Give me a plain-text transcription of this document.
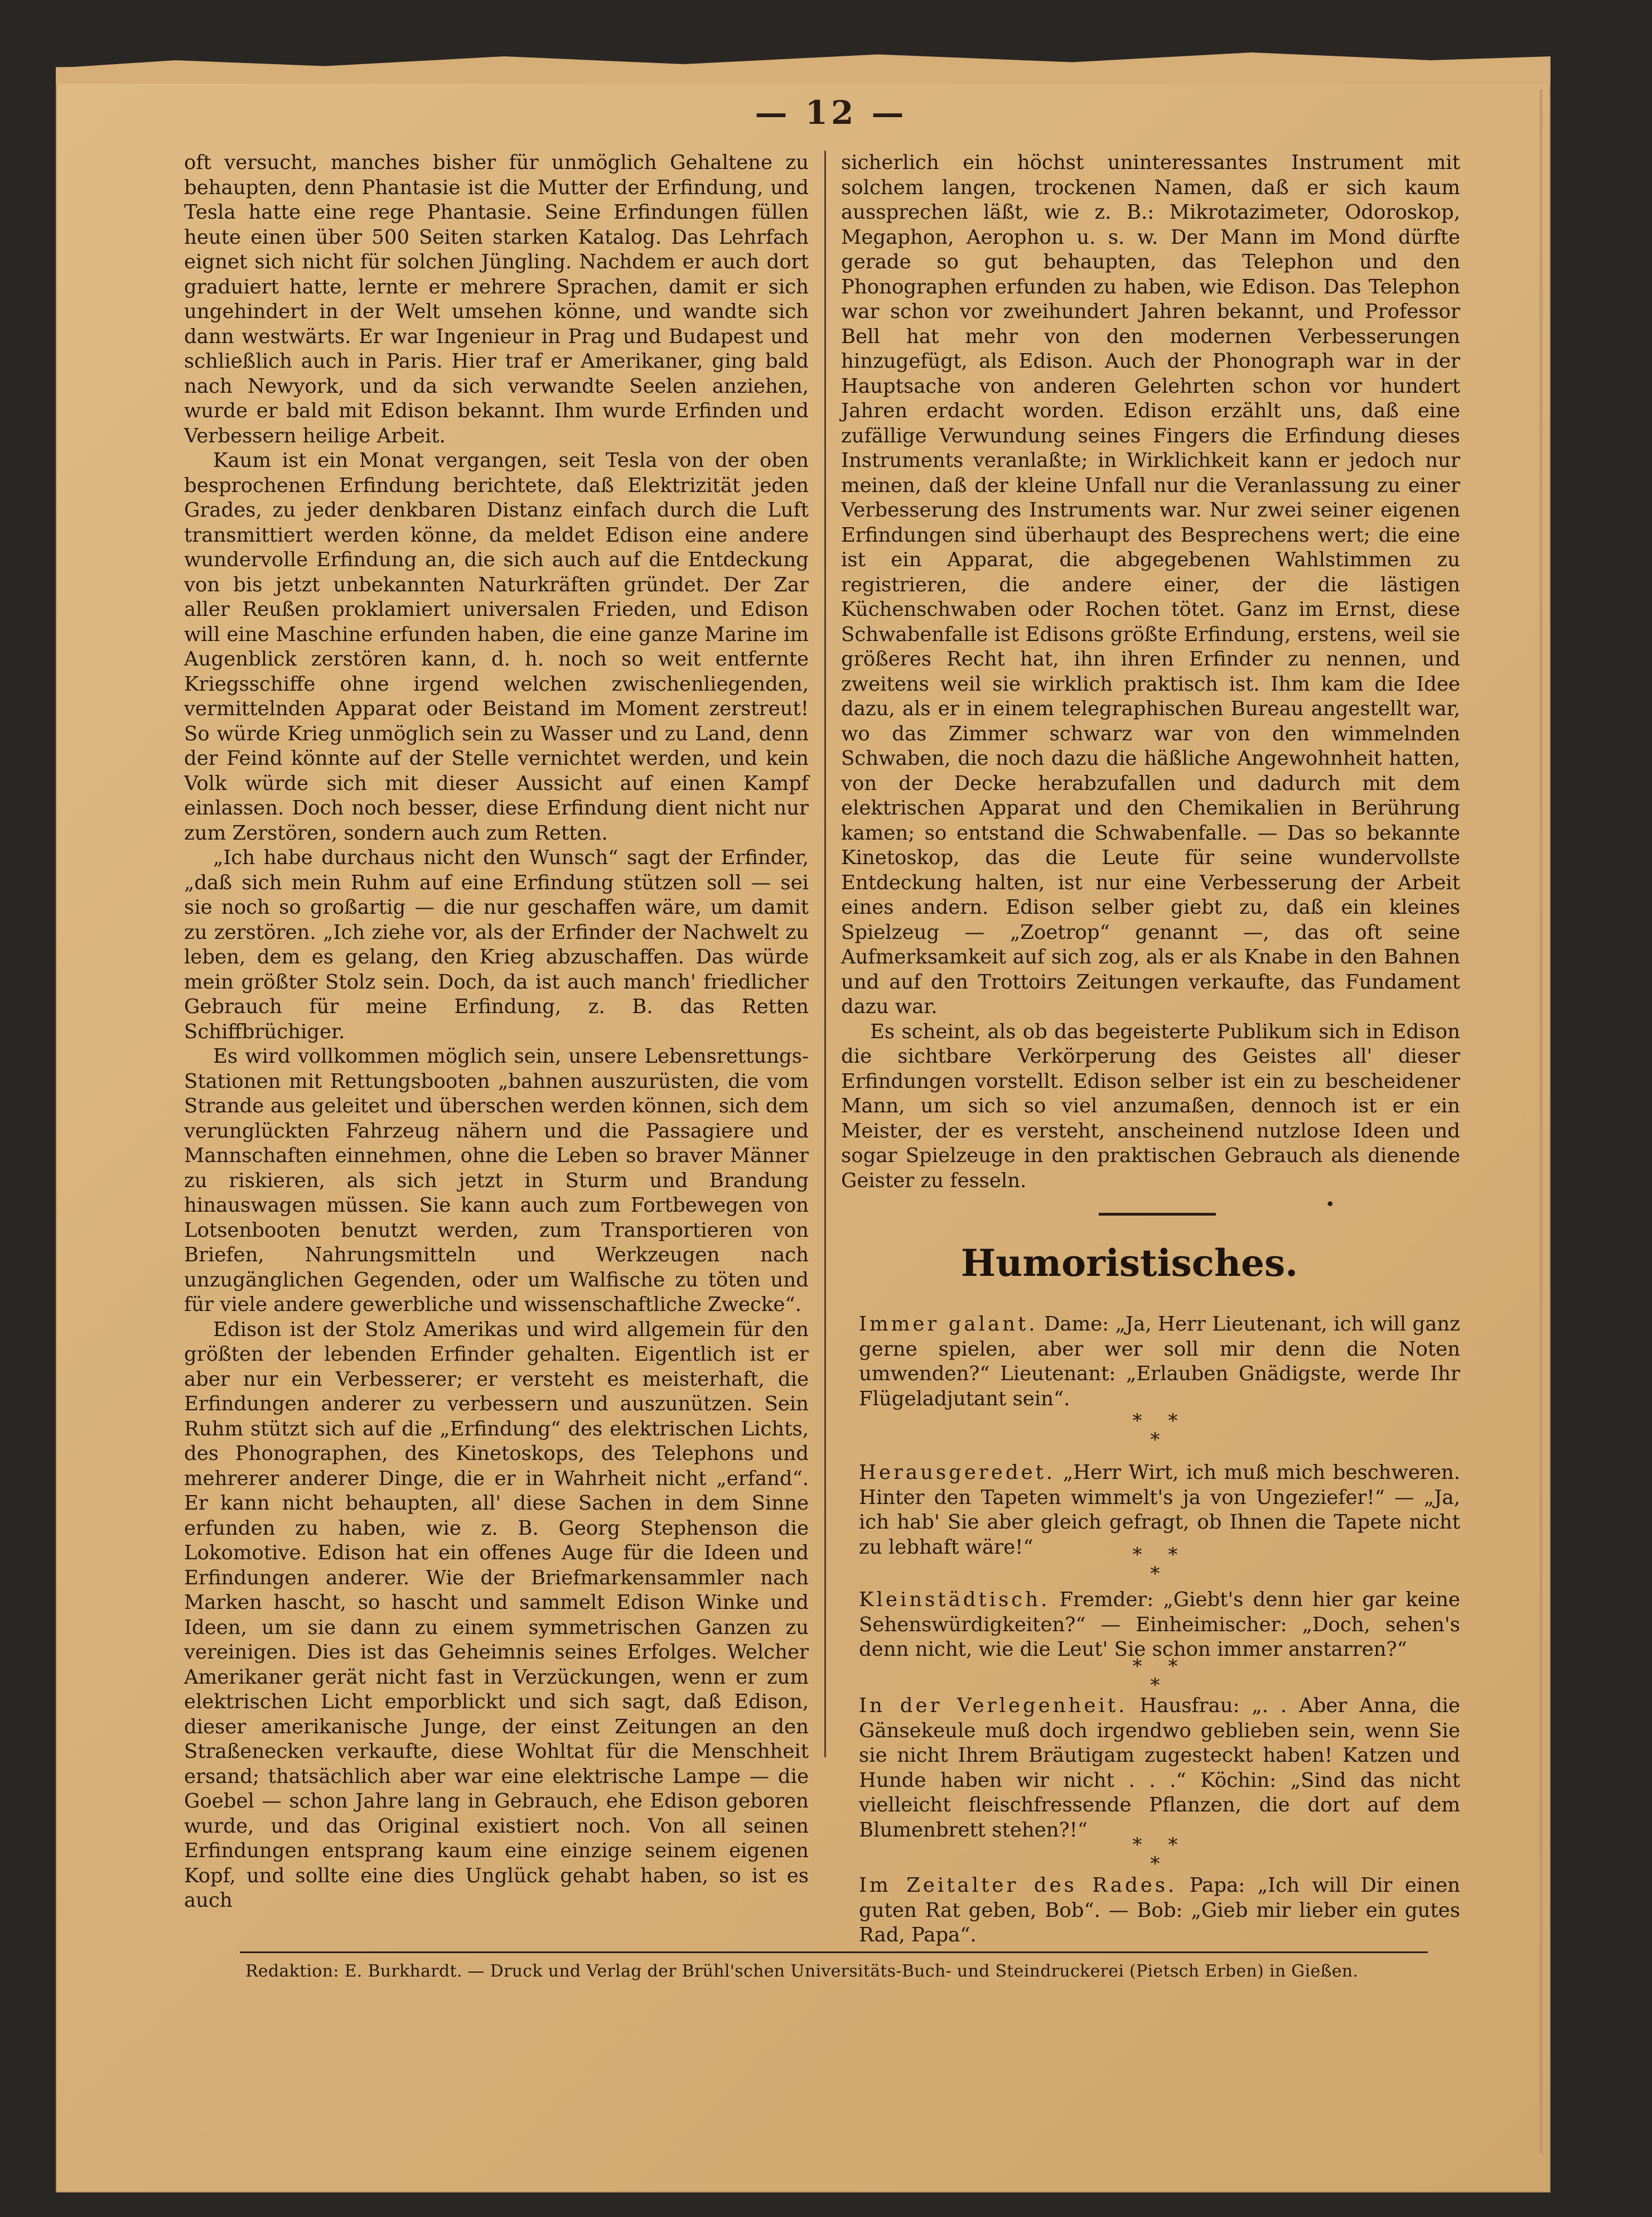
— 12 —

oft versucht, manches bisher für unmöglich Gehaltene zu behaupten, denn Phantasie ist die Mutter der Erfindung, und Tesla hatte eine rege Phantasie. Seine Erfindungen füllen heute einen über 500 Seiten starken Katalog. Das Lehrfach eignet sich nicht für solchen Jüngling. Nachdem er auch dort graduiert hatte, lernte er mehrere Sprachen, damit er sich ungehindert in der Welt umsehen könne, und wandte sich dann westwärts. Er war Ingenieur in Prag und Budapest und schließlich auch in Paris. Hier traf er Amerikaner, ging bald nach Newyork, und da sich verwandte Seelen anziehen, wurde er bald mit Edison bekannt. Ihm wurde Erfinden und Verbessern heilige Arbeit.

Kaum ist ein Monat vergangen, seit Tesla von der oben besprochenen Erfindung berichtete, daß Elektrizität jeden Grades, zu jeder denkbaren Distanz einfach durch die Luft transmittiert werden könne, da meldet Edison eine andere wundervolle Erfindung an, die sich auch auf die Entdeckung von bis jetzt unbekannten Naturkräften gründet. Der Zar aller Reußen proklamiert universalen Frieden, und Edison will eine Maschine erfunden haben, die eine ganze Marine im Augenblick zerstören kann, d. h. noch so weit entfernte Kriegsschiffe ohne irgend welchen zwischenliegenden, vermittelnden Apparat oder Beistand im Moment zerstreut! So würde Krieg unmöglich sein zu Wasser und zu Land, denn der Feind könnte auf der Stelle vernichtet werden, und kein Volk würde sich mit dieser Aussicht auf einen Kampf einlassen. Doch noch besser, diese Erfindung dient nicht nur zum Zerstören, sondern auch zum Retten.

„Ich habe durchaus nicht den Wunsch“ sagt der Erfinder, „daß sich mein Ruhm auf eine Erfindung stützen soll — sei sie noch so großartig — die nur geschaffen wäre, um damit zu zerstören. „Ich ziehe vor, als der Erfinder der Nachwelt zu leben, dem es gelang, den Krieg abzuschaffen. Das würde mein größter Stolz sein. Doch, da ist auch manch' friedlicher Gebrauch für meine Erfindung, z. B. das Retten Schiffbrüchiger.

Es wird vollkommen möglich sein, unsere Lebensrettungs-Stationen mit Rettungsbooten „bahnen auszurüsten, die vom Strande aus geleitet und überschen werden können, sich dem verunglückten Fahrzeug nähern und die Passagiere und Mannschaften einnehmen, ohne die Leben so braver Männer zu riskieren, als sich jetzt in Sturm und Brandung hinauswagen müssen. Sie kann auch zum Fortbewegen von Lotsenbooten benutzt werden, zum Transportieren von Briefen, Nahrungsmitteln und Werkzeugen nach unzugänglichen Gegenden, oder um Walfische zu töten und für viele andere gewerbliche und wissenschaftliche Zwecke“.

Edison ist der Stolz Amerikas und wird allgemein für den größten der lebenden Erfinder gehalten. Eigentlich ist er aber nur ein Verbesserer; er versteht es meisterhaft, die Erfindungen anderer zu verbessern und auszunützen. Sein Ruhm stützt sich auf die „Erfindung“ des elektrischen Lichts, des Phonographen, des Kinetoskops, des Telephons und mehrerer anderer Dinge, die er in Wahrheit nicht „erfand“. Er kann nicht behaupten, all' diese Sachen in dem Sinne erfunden zu haben, wie z. B. Georg Stephenson die Lokomotive. Edison hat ein offenes Auge für die Ideen und Erfindungen anderer. Wie der Briefmarkensammler nach Marken hascht, so hascht und sammelt Edison Winke und Ideen, um sie dann zu einem symmetrischen Ganzen zu vereinigen. Dies ist das Geheimnis seines Erfolges. Welcher Amerikaner gerät nicht fast in Verzückungen, wenn er zum elektrischen Licht emporblickt und sich sagt, daß Edison, dieser amerikanische Junge, der einst Zeitungen an den Straßenecken verkaufte, diese Wohltat für die Menschheit ersand; thatsächlich aber war eine elektrische Lampe — die Goebel — schon Jahre lang in Gebrauch, ehe Edison geboren wurde, und das Original existiert noch. Von all seinen Erfindungen entsprang kaum eine einzige seinem eigenen Kopf, und sollte eine dies Unglück gehabt haben, so ist es auch

sicherlich ein höchst uninteressantes Instrument mit solchem langen, trockenen Namen, daß er sich kaum aussprechen läßt, wie z. B.: Mikrotazimeter, Odoroskop, Megaphon, Aerophon u. s. w. Der Mann im Mond dürfte gerade so gut behaupten, das Telephon und den Phonographen erfunden zu haben, wie Edison. Das Telephon war schon vor zweihundert Jahren bekannt, und Professor Bell hat mehr von den modernen Verbesserungen hinzugefügt, als Edison. Auch der Phonograph war in der Hauptsache von anderen Gelehrten schon vor hundert Jahren erdacht worden. Edison erzählt uns, daß eine zufällige Verwundung seines Fingers die Erfindung dieses Instruments veranlaßte; in Wirklichkeit kann er jedoch nur meinen, daß der kleine Unfall nur die Veranlassung zu einer Verbesserung des Instruments war. Nur zwei seiner eigenen Erfindungen sind überhaupt des Besprechens wert; die eine ist ein Apparat, die abgegebenen Wahlstimmen zu registrieren, die andere einer, der die lästigen Küchenschwaben oder Rochen tötet. Ganz im Ernst, diese Schwabenfalle ist Edisons größte Erfindung, erstens, weil sie größeres Recht hat, ihn ihren Erfinder zu nennen, und zweitens weil sie wirklich praktisch ist. Ihm kam die Idee dazu, als er in einem telegraphischen Bureau angestellt war, wo das Zimmer schwarz war von den wimmelnden Schwaben, die noch dazu die häßliche Angewohnheit hatten, von der Decke herabzufallen und dadurch mit dem elektrischen Apparat und den Chemikalien in Berührung kamen; so entstand die Schwabenfalle. — Das so bekannte Kinetoskop, das die Leute für seine wundervollste Entdeckung halten, ist nur eine Verbesserung der Arbeit eines andern. Edison selber giebt zu, daß ein kleines Spielzeug — „Zoetrop“ genannt —, das oft seine Aufmerksamkeit auf sich zog, als er als Knabe in den Bahnen und auf den Trottoirs Zeitungen verkaufte, das Fundament dazu war.

Es scheint, als ob das begeisterte Publikum sich in Edison die sichtbare Verkörperung des Geistes all' dieser Erfindungen vorstellt. Edison selber ist ein zu bescheidener Mann, um sich so viel anzumaßen, dennoch ist er ein Meister, der es versteht, anscheinend nutzlose Ideen und sogar Spielzeuge in den praktischen Gebrauch als dienende Geister zu fesseln.

•
Humoristisches.
Immer galant. Dame: „Ja, Herr Lieutenant, ich will ganz gerne spielen, aber wer soll mir denn die Noten umwenden?“ Lieutenant: „Erlauben Gnädigste, werde Ihr Flügeladjutant sein“.
* *
*
Herausgeredet. „Herr Wirt, ich muß mich beschweren. Hinter den Tapeten wimmelt's ja von Ungeziefer!“ — „Ja, ich hab' Sie aber gleich gefragt, ob Ihnen die Tapete nicht zu lebhaft wäre!“	* *
*
Kleinstädtisch. Fremder: „Giebt's denn hier gar keine Sehenswürdigkeiten?“ — Einheimischer: „Doch, sehen's denn nicht, wie die Leut' Sie schon immer anstarren?“
* *
*
In der Verlegenheit. Hausfrau: „. . Aber Anna, die Gänsekeule muß doch irgendwo geblieben sein, wenn Sie sie nicht Ihrem Bräutigam zugesteckt haben! Katzen und Hunde haben wir nicht . . .“ Köchin: „Sind das nicht vielleicht fleischfressende Pflanzen, die dort auf dem Blumenbrett stehen?!“
* *
*
Im Zeitalter des Rades. Papa: „Ich will Dir einen guten Rat geben, Bob“. — Bob: „Gieb mir lieber ein gutes Rad, Papa“.
Redaktion: E. Burkhardt. — Druck und Verlag der Brühl'schen Universitäts-Buch- und Steindruckerei (Pietsch Erben) in Gießen.
